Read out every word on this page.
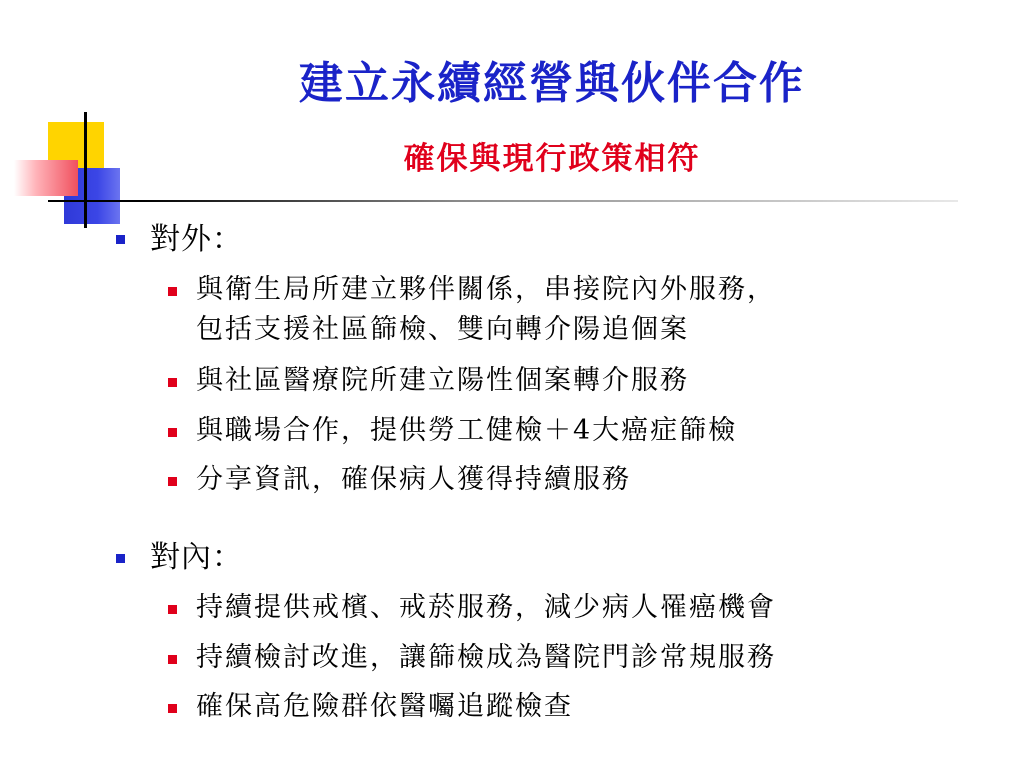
建立永續經營與伙伴合作
確保與現行政策相符
對外：
與衛生局所建立夥伴關係，串接院內外服務，
包括支援社區篩檢、雙向轉介陽追個案
與社區醫療院所建立陽性個案轉介服務
與職場合作，提供勞工健檢＋4大癌症篩檢
分享資訊，確保病人獲得持續服務
對內：
持續提供戒檳、戒菸服務，減少病人罹癌機會
持續檢討改進，讓篩檢成為醫院門診常規服務
確保高危險群依醫囑追蹤檢查
